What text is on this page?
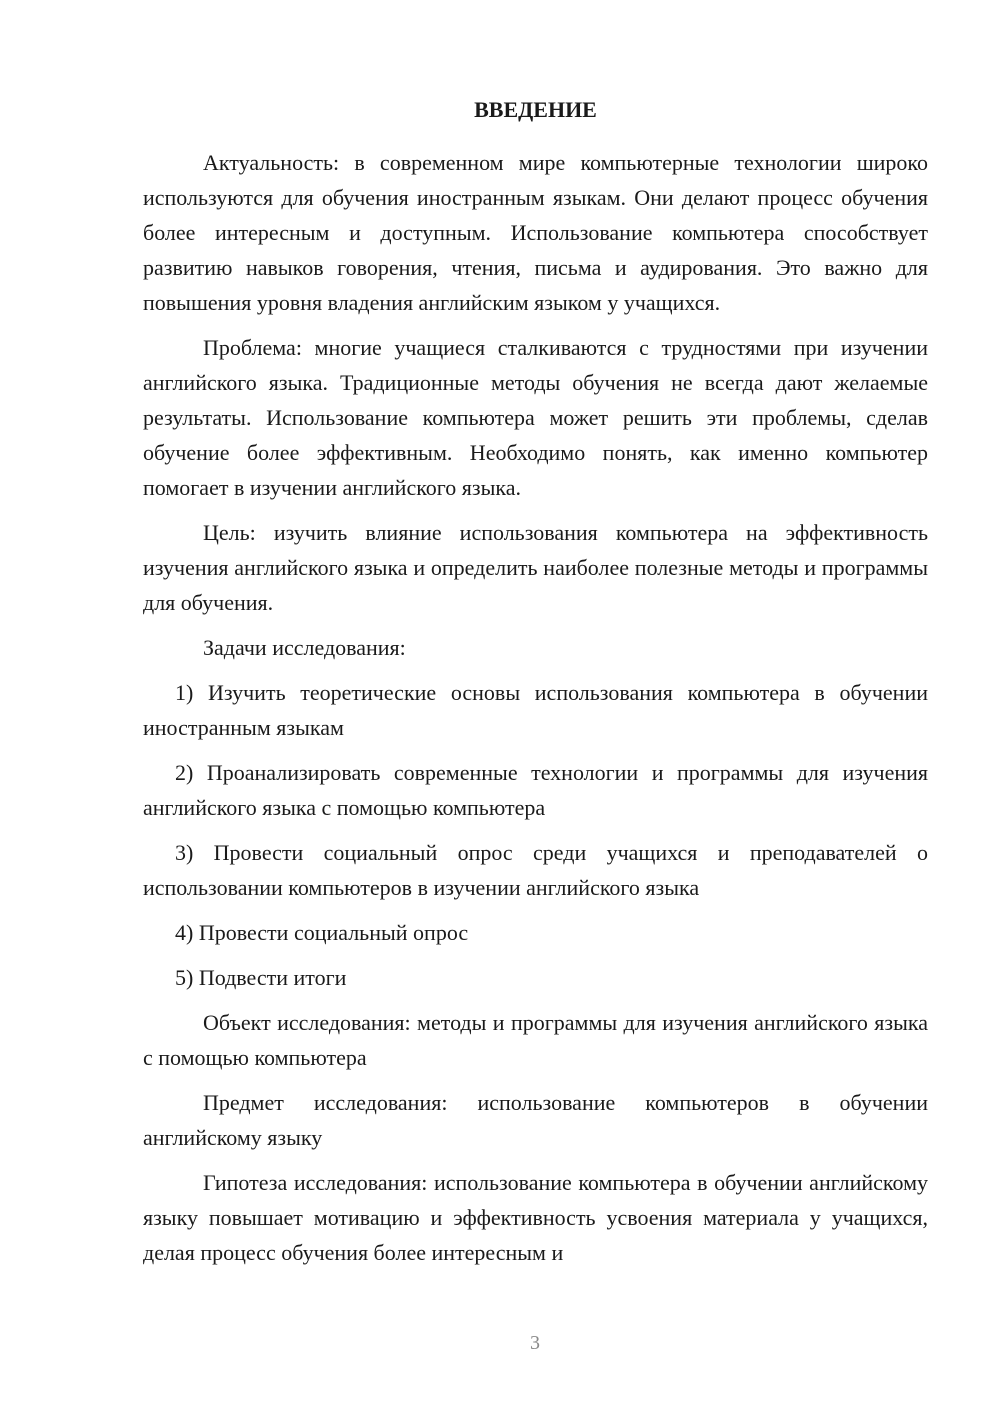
ВВЕДЕНИЕ

Актуальность: в современном мире компьютерные технологии широко используются для обучения иностранным языкам. Они делают процесс обучения более интересным и доступным. Использование компьютера способствует развитию навыков говорения, чтения, письма и аудирования. Это важно для повышения уровня владения английским языком у учащихся.

Проблема: многие учащиеся сталкиваются с трудностями при изучении английского языка. Традиционные методы обучения не всегда дают желаемые результаты. Использование компьютера может решить эти проблемы, сделав обучение более эффективным. Необходимо понять, как именно компьютер помогает в изучении английского языка.

Цель: изучить влияние использования компьютера на эффективность изучения английского языка и определить наиболее полезные методы и программы для обучения.

Задачи исследования:

1) Изучить теоретические основы использования компьютера в обучении иностранным языкам

2) Проанализировать современные технологии и программы для изучения английского языка с помощью компьютера

3) Провести социальный опрос среди учащихся и преподавателей о использовании компьютеров в изучении английского языка

4) Провести социальный опрос

5) Подвести итоги

Объект исследования: методы и программы для изучения английского языка с помощью компьютера

Предмет исследования: использование компьютеров в обучении английскому языку

Гипотеза исследования: использование компьютера в обучении английскому языку повышает мотивацию и эффективность усвоения материала у учащихся, делая процесс обучения более интересным и

3
